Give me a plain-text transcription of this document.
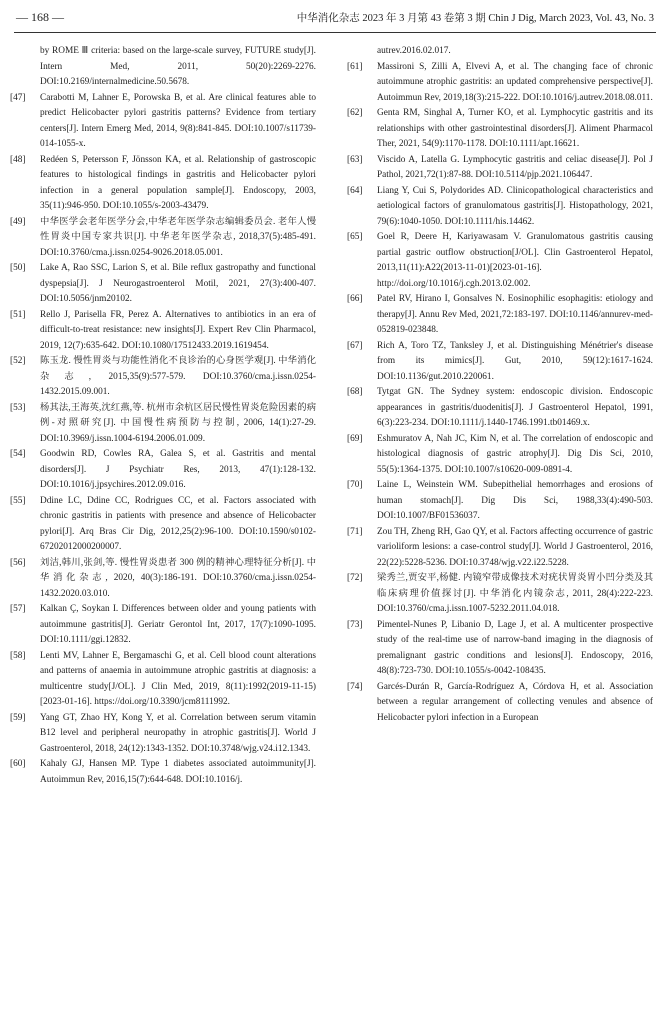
— 168 —	中华消化杂志 2023 年 3 月第 43 卷第 3 期 Chin J Dig, March 2023, Vol. 43, No. 3
by ROME Ⅲ criteria: based on the large-scale survey, FUTURE study[J]. Intern Med, 2011, 50(20):2269-2276. DOI:10.2169/internalmedicine.50.5678.
[47] Carabotti M, Lahner E, Porowska B, et al. Are clinical features able to predict Helicobacter pylori gastritis patterns? Evidence from tertiary centers[J]. Intern Emerg Med, 2014, 9(8):841-845. DOI:10.1007/s11739-014-1055-x.
[48] Redéen S, Petersson F, Jönsson KA, et al. Relationship of gastroscopic features to histological findings in gastritis and Helicobacter pylori infection in a general population sample[J]. Endoscopy, 2003, 35(11):946-950. DOI:10.1055/s-2003-43479.
[49] 中华医学会老年医学分会,中华老年医学杂志编辑委员会. 老年人慢性胃炎中国专家共识[J]. 中华老年医学杂志, 2018,37(5):485-491. DOI:10.3760/cma.j.issn.0254-9026.2018.05.001.
[50] Lake A, Rao SSC, Larion S, et al. Bile reflux gastropathy and functional dyspepsia[J]. J Neurogastroenterol Motil, 2021, 27(3):400-407. DOI:10.5056/jnm20102.
[51] Rello J, Parisella FR, Perez A. Alternatives to antibiotics in an era of difficult-to-treat resistance: new insights[J]. Expert Rev Clin Pharmacol, 2019, 12(7):635-642. DOI:10.1080/17512433.2019.1619454.
[52] 陈玉龙. 慢性胃炎与功能性消化不良诊治的心身医学观[J]. 中华消化杂志, 2015,35(9):577-579. DOI:10.3760/cma.j.issn.0254-1432.2015.09.001.
[53] 杨其法,王海英,沈红燕,等. 杭州市余杭区居民慢性胃炎危险因素的病例-对照研究[J]. 中国慢性病预防与控制, 2006, 14(1):27-29. DOI:10.3969/j.issn.1004-6194.2006.01.009.
[54] Goodwin RD, Cowles RA, Galea S, et al. Gastritis and mental disorders[J]. J Psychiatr Res, 2013, 47(1):128-132. DOI:10.1016/j.jpsychires.2012.09.016.
[55] Ddine LC, Ddine CC, Rodrigues CC, et al. Factors associated with chronic gastritis in patients with presence and absence of Helicobacter pylori[J]. Arq Bras Cir Dig, 2012,25(2):96-100. DOI:10.1590/s0102-67202012000200007.
[56] 刘洁,韩川,张剑,等. 慢性胃炎患者 300 例的精神心理特征分析[J]. 中华消化杂志, 2020, 40(3):186-191. DOI:10.3760/cma.j.issn.0254-1432.2020.03.010.
[57] Kalkan Ç, Soykan I. Differences between older and young patients with autoimmune gastritis[J]. Geriatr Gerontol Int, 2017, 17(7):1090-1095. DOI:10.1111/ggi.12832.
[58] Lenti MV, Lahner E, Bergamaschi G, et al. Cell blood count alterations and patterns of anaemia in autoimmune atrophic gastritis at diagnosis: a multicentre study[J/OL]. J Clin Med, 2019, 8(11):1992(2019-11-15)[2023-01-16]. https://doi.org/10.3390/jcm8111992.
[59] Yang GT, Zhao HY, Kong Y, et al. Correlation between serum vitamin B12 level and peripheral neuropathy in atrophic gastritis[J]. World J Gastroenterol, 2018, 24(12):1343-1352. DOI:10.3748/wjg.v24.i12.1343.
[60] Kahaly GJ, Hansen MP. Type 1 diabetes associated autoimmunity[J]. Autoimmun Rev, 2016,15(7):644-648. DOI:10.1016/j.
autrev.2016.02.017.
[61] Massironi S, Zilli A, Elvevi A, et al. The changing face of chronic autoimmune atrophic gastritis: an updated comprehensive perspective[J]. Autoimmun Rev, 2019,18(3):215-222. DOI:10.1016/j.autrev.2018.08.011.
[62] Genta RM, Singhal A, Turner KO, et al. Lymphocytic gastritis and its relationships with other gastrointestinal disorders[J]. Aliment Pharmacol Ther, 2021, 54(9):1170-1178. DOI:10.1111/apt.16621.
[63] Viscido A, Latella G. Lymphocytic gastritis and celiac disease[J]. Pol J Pathol, 2021,72(1):87-88. DOI:10.5114/pjp.2021.106447.
[64] Liang Y, Cui S, Polydorides AD. Clinicopathological characteristics and aetiological factors of granulomatous gastritis[J]. Histopathology, 2021, 79(6):1040-1050. DOI:10.1111/his.14462.
[65] Goel R, Deere H, Kariyawasam V. Granulomatous gastritis causing partial gastric outflow obstruction[J/OL]. Clin Gastroenterol Hepatol, 2013,11(11):A22(2013-11-01)[2023-01-16]. http://doi.org/10.1016/j.cgh.2013.02.002.
[66] Patel RV, Hirano I, Gonsalves N. Eosinophilic esophagitis: etiology and therapy[J]. Annu Rev Med, 2021,72:183-197. DOI:10.1146/annurev-med-052819-023848.
[67] Rich A, Toro TZ, Tanksley J, et al. Distinguishing Ménétrier's disease from its mimics[J]. Gut, 2010, 59(12):1617-1624. DOI:10.1136/gut.2010.220061.
[68] Tytgat GN. The Sydney system: endoscopic division. Endoscopic appearances in gastritis/duodenitis[J]. J Gastroenterol Hepatol, 1991, 6(3):223-234. DOI:10.1111/j.1440-1746.1991.tb01469.x.
[69] Eshmuratov A, Nah JC, Kim N, et al. The correlation of endoscopic and histological diagnosis of gastric atrophy[J]. Dig Dis Sci, 2010, 55(5):1364-1375. DOI:10.1007/s10620-009-0891-4.
[70] Laine L, Weinstein WM. Subepithelial hemorrhages and erosions of human stomach[J]. Dig Dis Sci, 1988,33(4):490-503. DOI:10.1007/BF01536037.
[71] Zou TH, Zheng RH, Gao QY, et al. Factors affecting occurrence of gastric varioliform lesions: a case-control study[J]. World J Gastroenterol, 2016, 22(22):5228-5236. DOI:10.3748/wjg.v22.i22.5228.
[72] 梁秀兰,贾安平,杨健. 内镜窄带成像技术对疣状胃炎胃小凹分类及其临床病理价值探讨[J]. 中华消化内镜杂志, 2011, 28(4):222-223. DOI:10.3760/cma.j.issn.1007-5232.2011.04.018.
[73] Pimentel-Nunes P, Libanio D, Lage J, et al. A multicenter prospective study of the real-time use of narrow-band imaging in the diagnosis of premalignant gastric conditions and lesions[J]. Endoscopy, 2016, 48(8):723-730. DOI:10.1055/s-0042-108435.
[74] Garcés-Durán R, García-Rodríguez A, Córdova H, et al. Association between a regular arrangement of collecting venules and absence of Helicobacter pylori infection in a European
